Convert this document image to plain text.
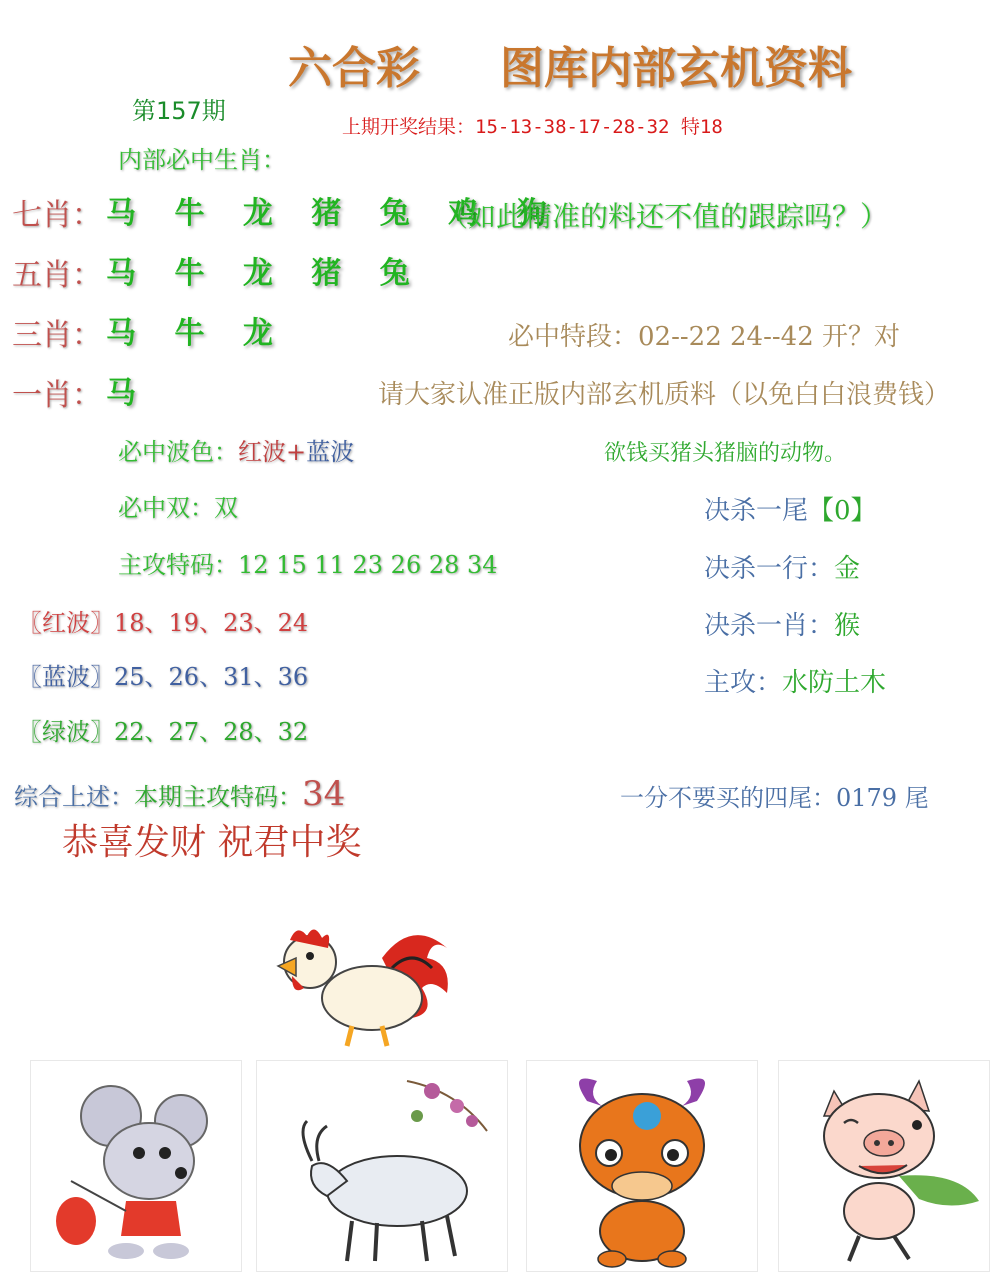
六合彩 图库内部玄机资料
第157期
上期开奖结果：15-13-38-17-28-32 特18
内部必中生肖：
七肖： 马 牛 龙 猪 兔 鸡 狗
五肖： 马 牛 龙 猪 兔
三肖： 马 牛 龙
一肖： 马
（如此精准的料还不值的跟踪吗？）
必中特段：02--22 24--42 开？对
请大家认准正版内部玄机质料（以免白白浪费钱）
欲钱买猪头猪脑的动物。
必中波色：红波+蓝波
必中双：双
主攻特码：12 15 11 23 26 28 34
〖红波〗18、19、23、24
〖蓝波〗25、26、31、36
〖绿波〗22、27、28、32
决杀一尾【0】
决杀一行：金
决杀一肖：猴
主攻：水防土木
综合上述：本期主攻特码：34	一分不要买的四尾：0179 尾
恭喜发财 祝君中奖
